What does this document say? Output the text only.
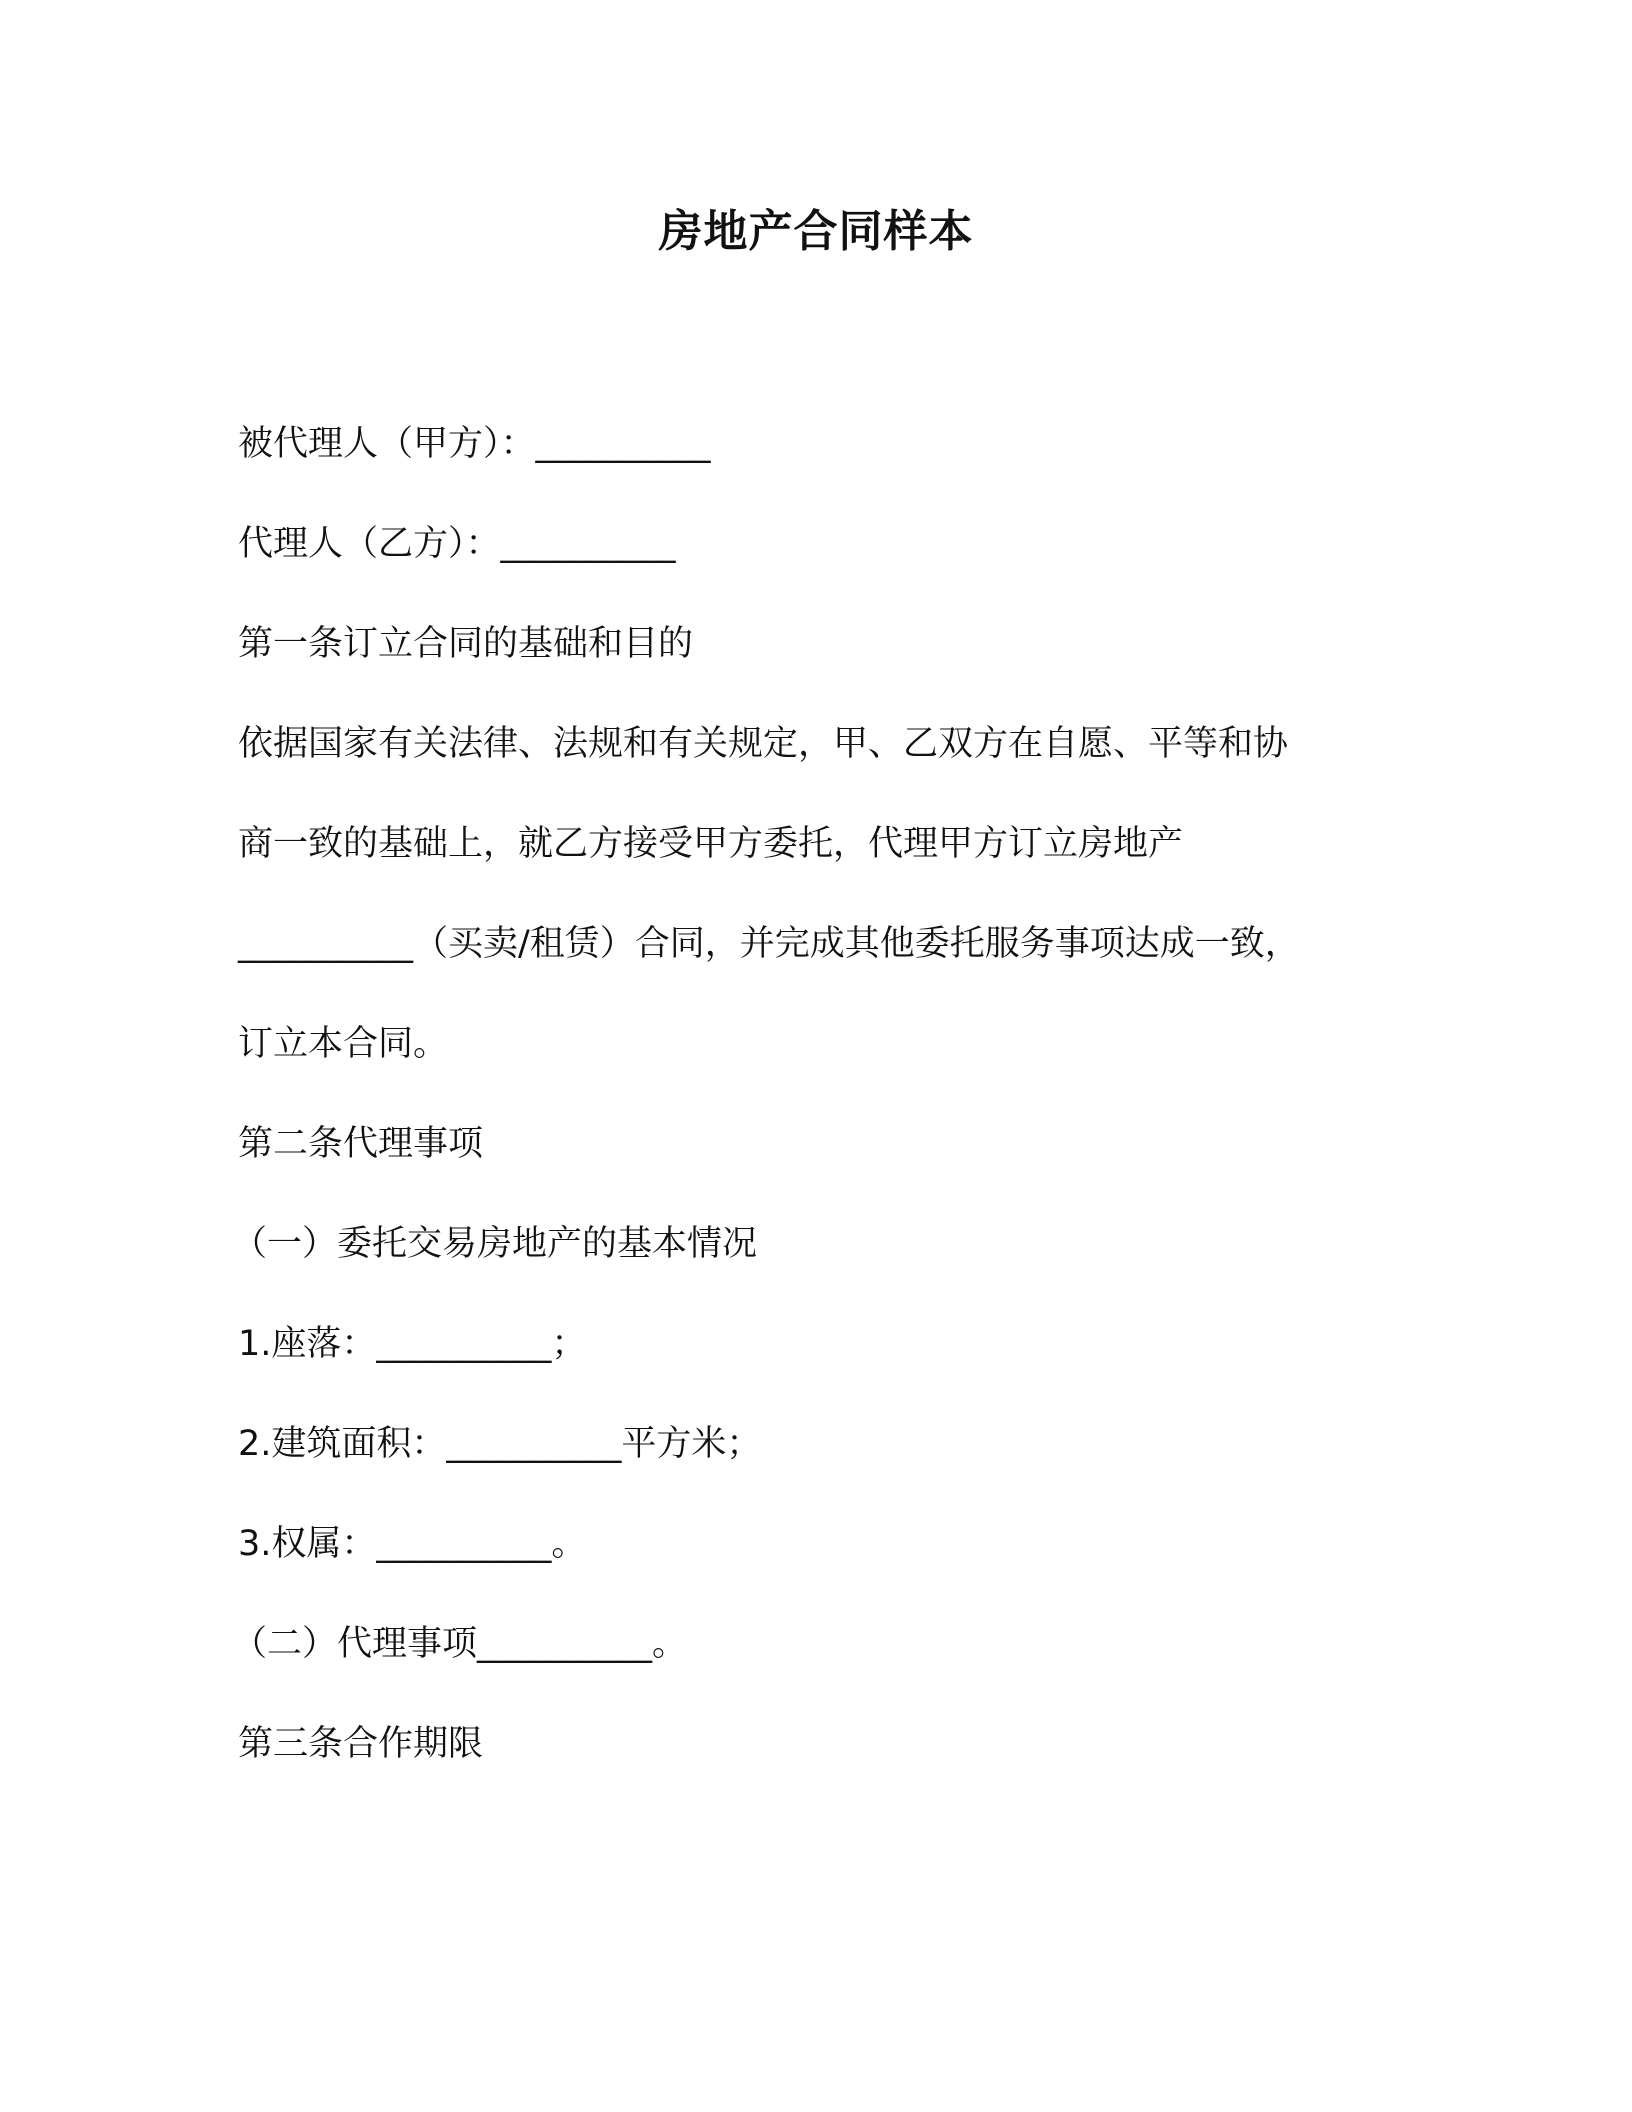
房地产合同样本
被代理人（甲方）：__________
代理人（乙方）：__________
第一条订立合同的基础和目的
依据国家有关法律、法规和有关规定，甲、乙双方在自愿、平等和协
商一致的基础上，就乙方接受甲方委托，代理甲方订立房地产
__________（买卖/租赁）合同，并完成其他委托服务事项达成一致，
订立本合同。
第二条代理事项
（一）委托交易房地产的基本情况
1.座落：__________；
2.建筑面积：__________平方米；
3.权属：__________。
（二）代理事项__________。
第三条合作期限
